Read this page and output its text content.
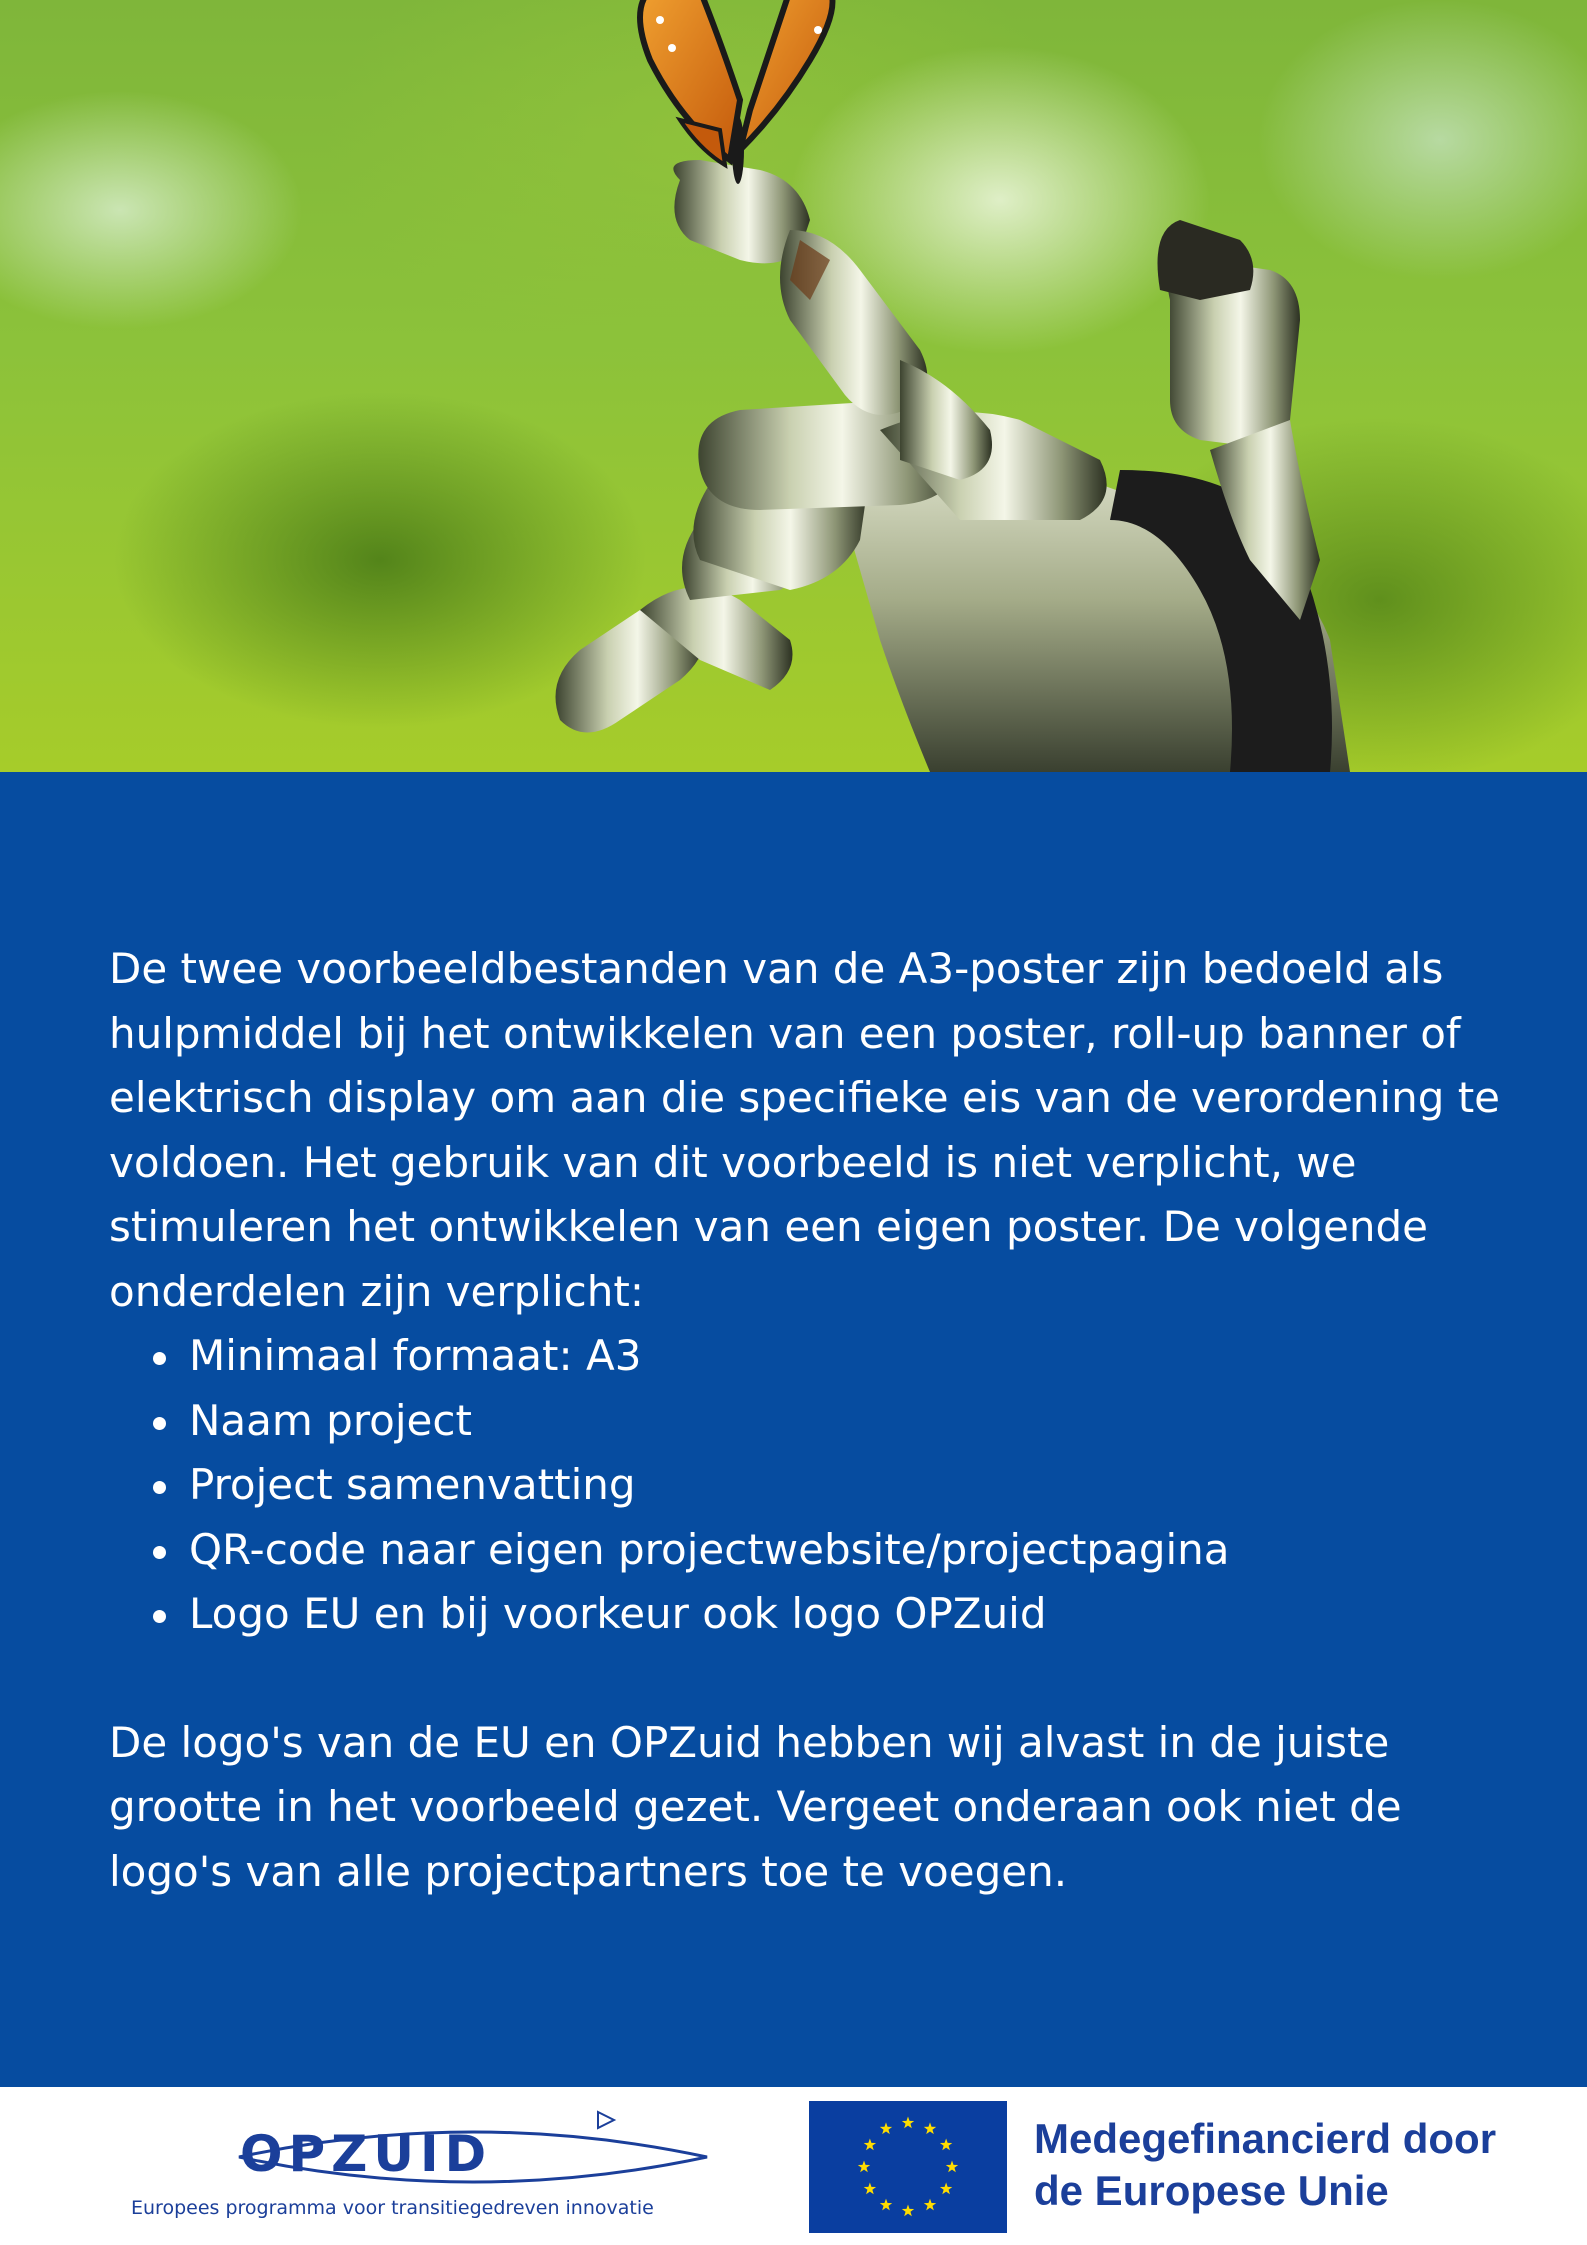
De twee voorbeeldbestanden van de A3-poster zijn bedoeld als hulpmiddel bij het ontwikkelen van een poster, roll-up banner of elektrisch display om aan die specifieke eis van de verordening te voldoen. Het gebruik van dit voorbeeld is niet verplicht, we stimuleren het ontwikkelen van een eigen poster. De volgende onderdelen zijn verplicht:

Minimaal formaat: A3
Naam project
Project samenvatting
QR-code naar eigen projectwebsite/projectpagina
Logo EU en bij voorkeur ook logo OPZuid

De logo's van de EU en OPZuid hebben wij alvast in de juiste grootte in het voorbeeld gezet. Vergeet onderaan ook niet de logo's van alle projectpartners toe te voegen.

OPZUID
Europees programma voor transitiegedreven innovatie
Medegefinancierd door
de Europese Unie
